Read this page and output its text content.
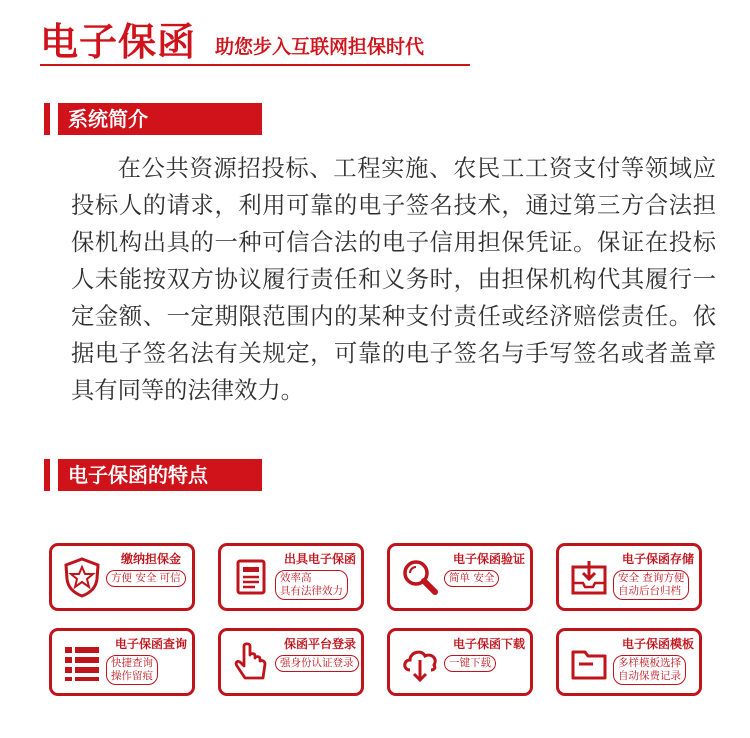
电子保函 助您步入互联网担保时代
系统简介

在公共资源招投标、工程实施、农民工工资支付等领域应投标人的请求，利用可靠的电子签名技术，通过第三方合法担保机构出具的一种可信合法的电子信用担保凭证。保证在投标人未能按双方协议履行责任和义务时，由担保机构代其履行一定金额、一定期限范围内的某种支付责任或经济赔偿责任。依据电子签名法有关规定，可靠的电子签名与手写签名或者盖章具有同等的法律效力。

电子保函的特点
缴纳担保金
方便 安全 可信
出具电子保函
效率高
具有法律效力
电子保函验证
简单 安全
电子保函存储
安全 查询方便
自动后台归档
电子保函查询
快捷查询
操作留痕
保函平台登录
强身份认证登录
电子保函下载
一键下载
电子保函模板
多样模板选择
自动保费记录
